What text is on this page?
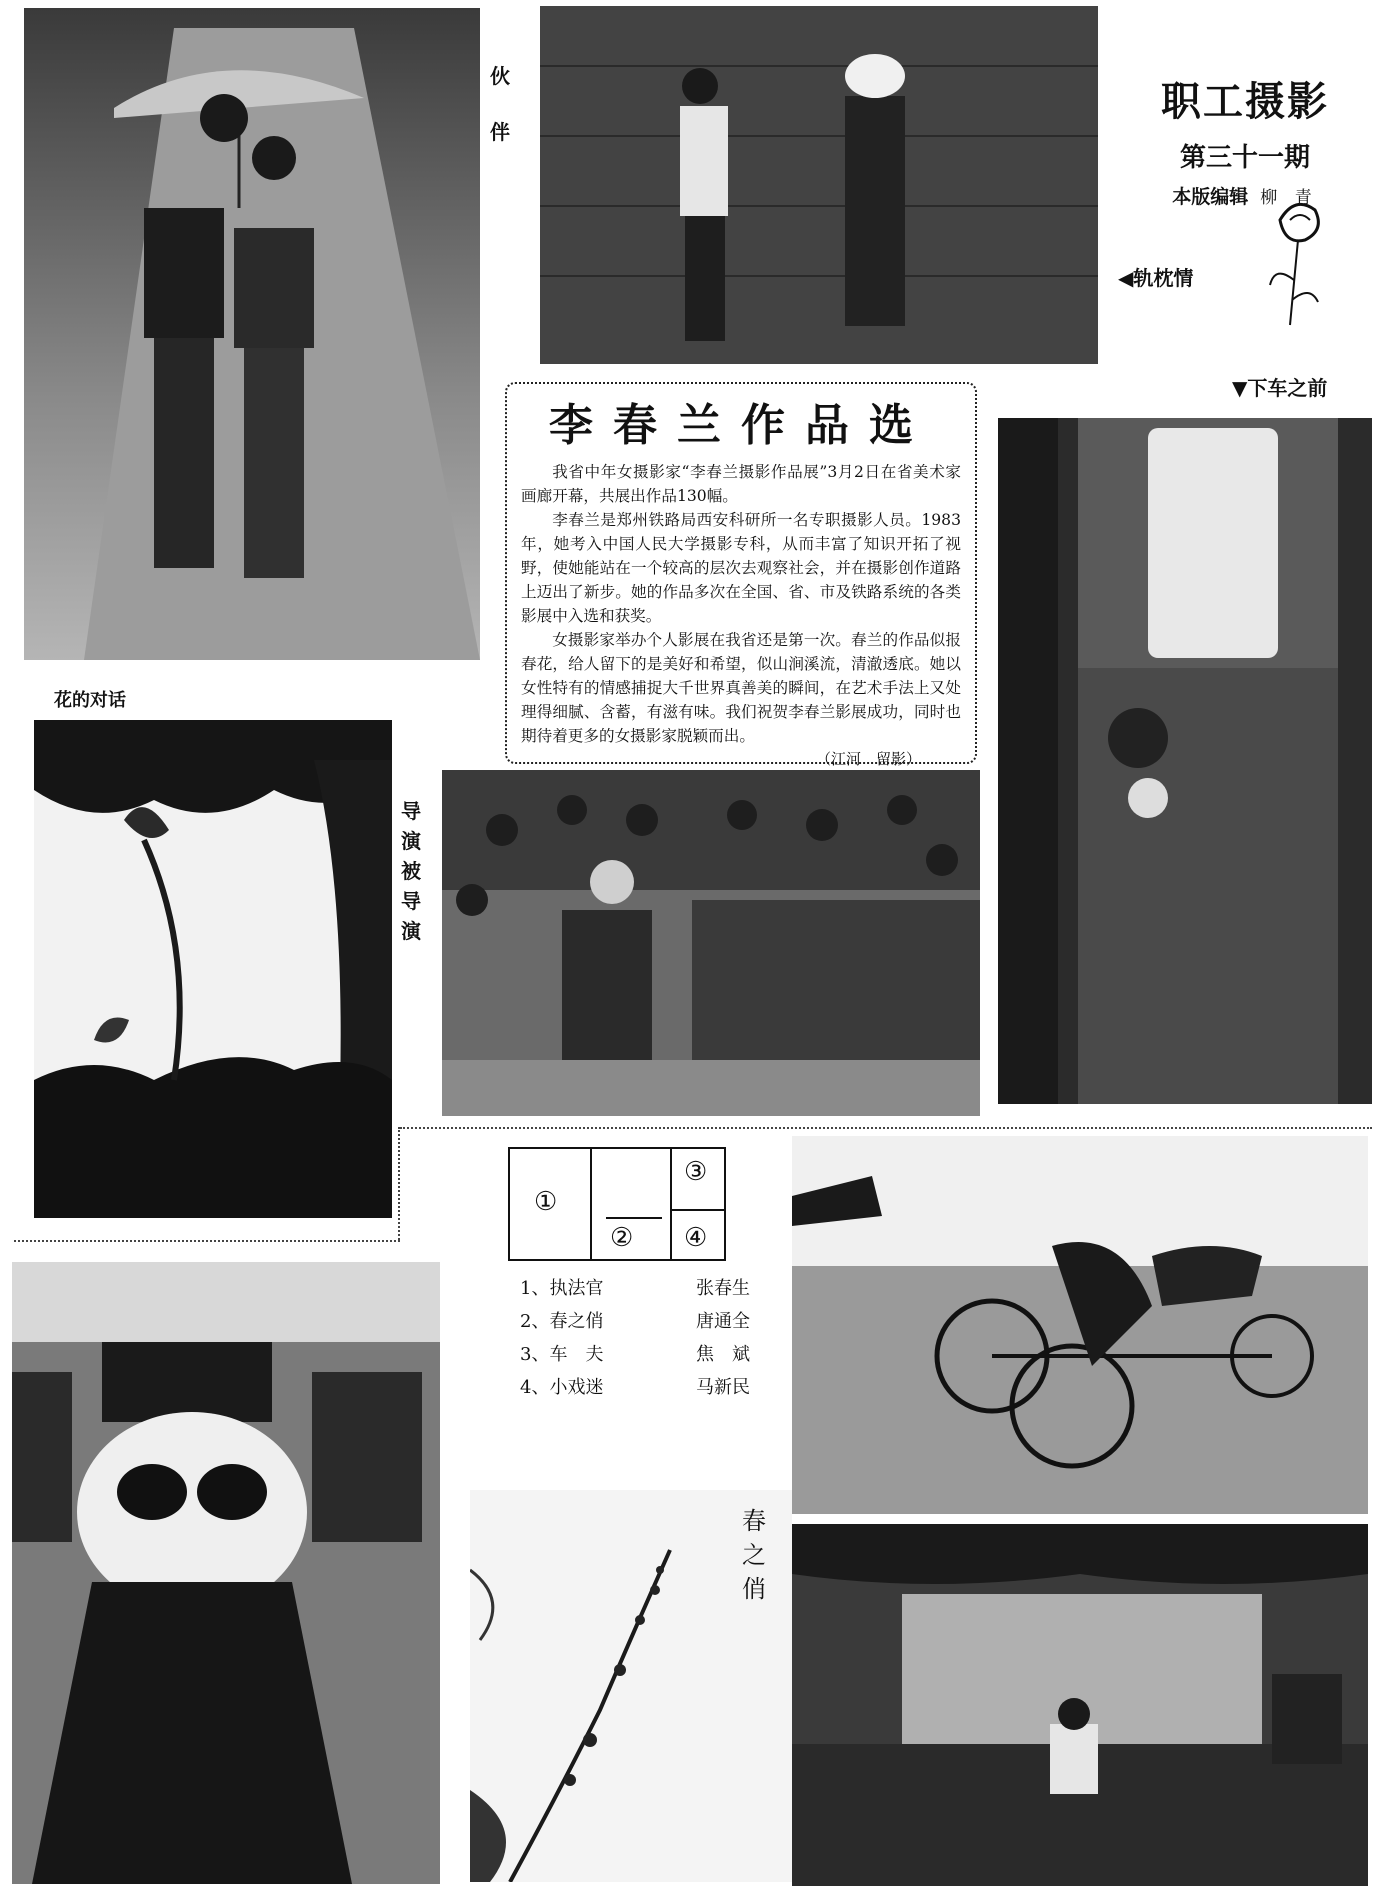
伙伴
职工摄影
第三十一期
本版编辑 柳 青
◀轨枕情
▼下车之前
李春兰作品选

我省中年女摄影家“李春兰摄影作品展”3月2日在省美术家画廊开幕，共展出作品130幅。

李春兰是郑州铁路局西安科研所一名专职摄影人员。1983年，她考入中国人民大学摄影专科，从而丰富了知识开拓了视野，使她能站在一个较高的层次去观察社会，并在摄影创作道路上迈出了新步。她的作品多次在全国、省、市及铁路系统的各类影展中入选和获奖。

女摄影家举办个人影展在我省还是第一次。春兰的作品似报春花，给人留下的是美好和希望，似山涧溪流，清澈透底。她以女性特有的情感捕捉大千世界真善美的瞬间，在艺术手法上又处理得细腻、含蓄，有滋有味。我们祝贺李春兰影展成功，同时也期待着更多的女摄影家脱颖而出。

（江河　留影）
花的对话
导演被导演
①
②
③
④
1、执法官	张春生
2、春之俏	唐通全
3、车　夫	焦　斌
4、小戏迷	马新民
春之俏
